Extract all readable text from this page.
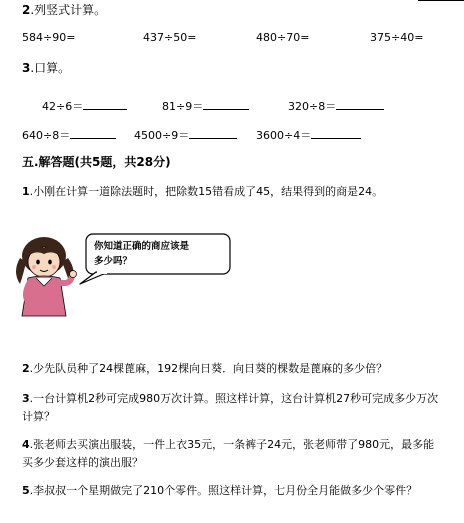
2.列竖式计算。
584÷90=	437÷50=	480÷70=	375÷40=
3.口算。
42÷6＝	81÷9＝	320÷8＝
640÷8＝	4500÷9＝	3600÷4＝
五.解答题(共5题，共28分)
1.小刚在计算一道除法题时，把除数15错看成了45，结果得到的商是24。
你知道正确的商应该是
多少吗？
2.少先队员种了24棵蓖麻，192棵向日葵．向日葵的棵数是蓖麻的多少倍？
3.一台计算机2秒可完成980万次计算。照这样计算，这台计算机27秒可完成多少万次计算？
4.张老师去买演出服装，一件上衣35元，一条裤子24元，张老师带了980元，最多能买多少套这样的演出服？
5.李叔叔一个星期做完了210个零件。照这样计算，七月份全月能做多少个零件？
